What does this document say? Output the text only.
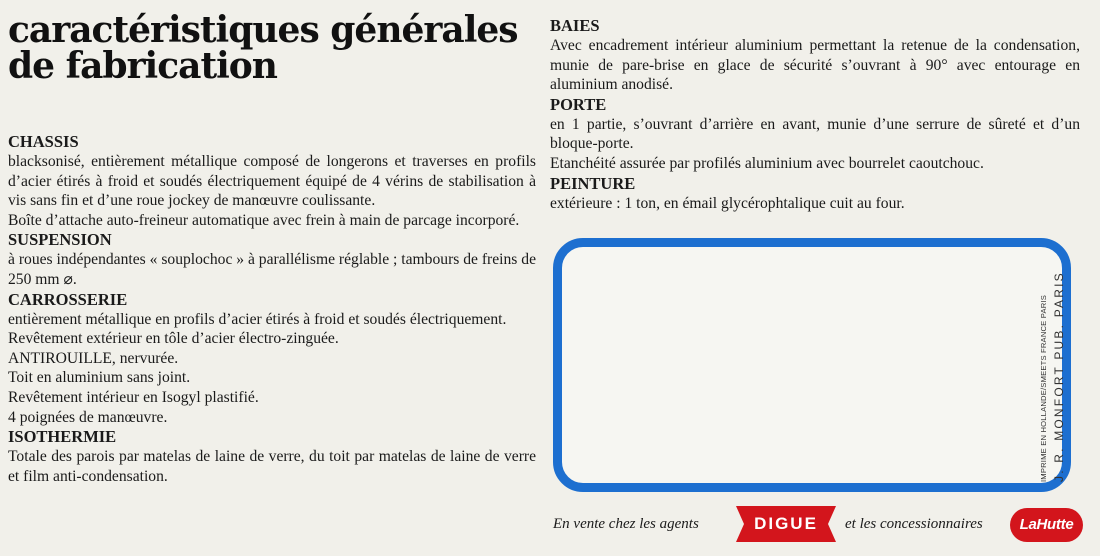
caractéristiques générales
de fabrication
CHASSIS

blacksonisé, entièrement métallique composé de longerons et traverses en profils d’acier étirés à froid et soudés électriquement équipé de 4 vérins de stabilisation à vis sans fin et d’une roue jockey de manœuvre coulissante.

Boîte d’attache auto-freineur automatique avec frein à main de parcage incorporé.

SUSPENSION

à roues indépendantes « souplochoc » à parallélisme réglable ; tambours de freins de 250 mm ⌀.

CARROSSERIE

entièrement métallique en profils d’acier étirés à froid et soudés électriquement.

Revêtement extérieur en tôle d’acier électro-zinguée.

ANTIROUILLE, nervurée.

Toit en aluminium sans joint.

Revêtement intérieur en Isogyl plastifié.

4 poignées de manœuvre.

ISOTHERMIE

Totale des parois par matelas de laine de verre, du toit par matelas de laine de verre et film anti-condensation.

BAIES

Avec encadrement intérieur aluminium permettant la retenue de la condensation, munie de pare-brise en glace de sécurité s’ouvrant à 90° avec entourage en aluminium anodisé.

PORTE

en 1 partie, s’ouvrant d’arrière en avant, munie d’une serrure de sûreté et d’un bloque-porte.

Etanchéité assurée par profilés aluminium avec bourrelet caoutchouc.

PEINTURE

extérieure : 1 ton, en émail glycérophtalique cuit au four.

IMPRIME EN HOLLANDE/SMEETS FRANCE PARIS J. R. MONFORT PUB. PARIS
En vente chez les agents	DIGUE	et les concessionnaires	LaHutte
